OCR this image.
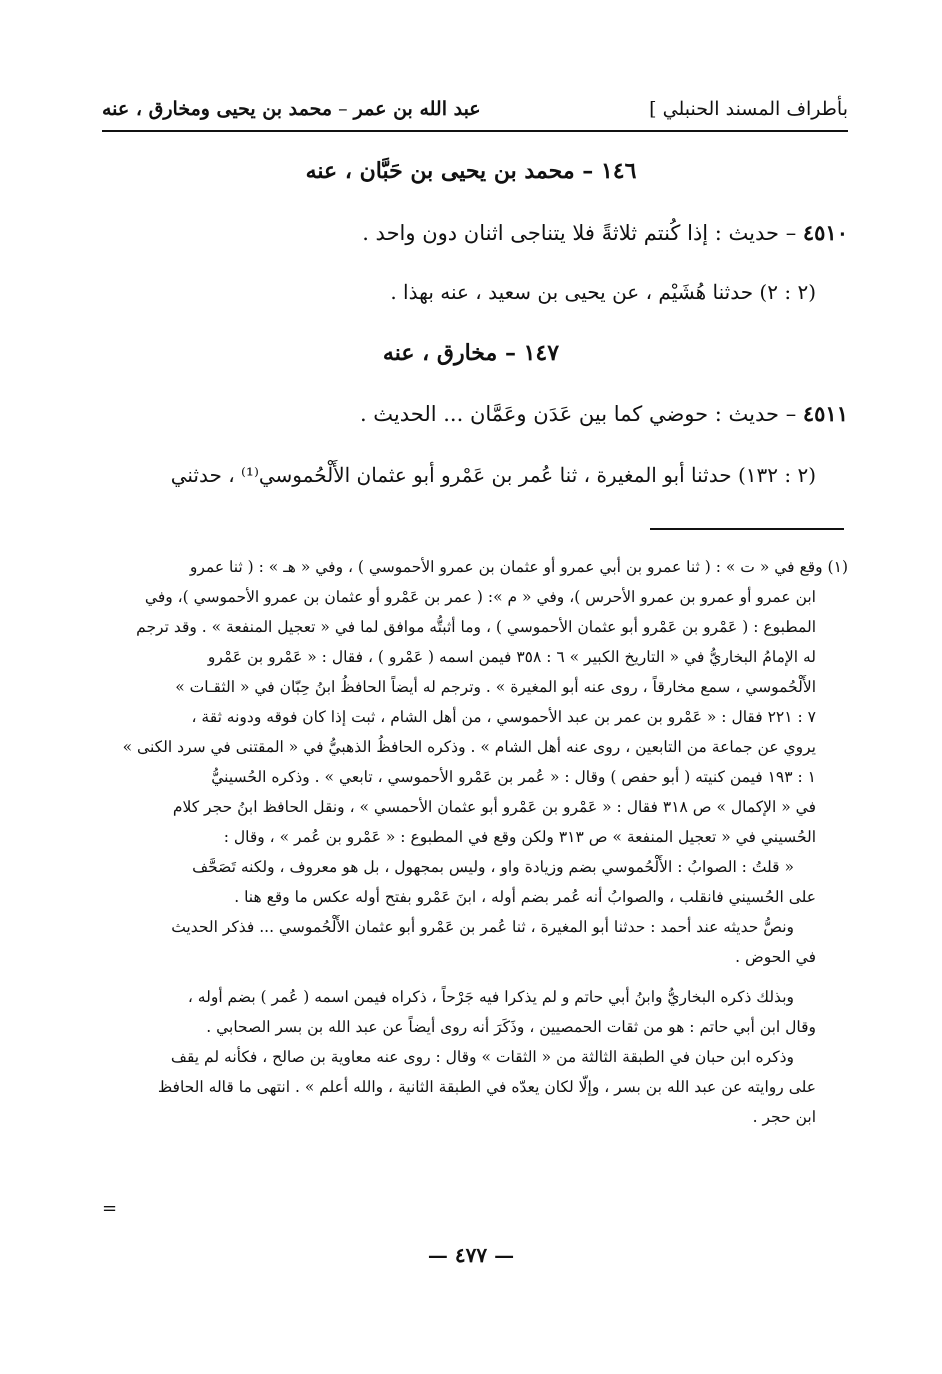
بأطراف المسند الحنبلي ]
عبد الله بن عمر – محمد بن يحيى ومخارق ، عنه
١٤٦ – محمد بن يحيى بن حَبَّان ، عنه
٤٥١٠ – حديث : إذا كُنتم ثلاثةً فلا يتناجى اثنان دون واحد .
(٢ : ٢) حدثنا هُشَيْم ، عن يحيى بن سعيد ، عنه بهذا .
١٤٧ – مخارق ، عنه
٤٥١١ – حديث : حوضي كما بين عَدَن وعَمَّان ... الحديث .
(٢ : ١٣٢) حدثنا أبو المغيرة ، ثنا عُمر بن عَمْرو أبو عثمان الأَلْحُموسي⁽¹⁾ ، حدثني

(١) وقع في « ت » : ( ثنا عمرو بن أبي عمرو أو عثمان بن عمرو الأحموسي ) ، وفي « هـ » : ( ثنا عمرو

ابن عمرو أو عمرو بن عمرو الأحرس )، وفي « م »: ( عمر بن عَمْرو أو عثمان بن عمرو الأحموسي )، وفي

المطبوع : ( عَمْرو بن عَمْرو أبو عثمان الأحموسي ) ، وما أثبتُّه موافق لما في « تعجيل المنفعة » . وقد ترجم

له الإمامُ البخاريُّ في « التاريخ الكبير » ٦ : ٣٥٨ فيمن اسمه ( عَمْرو ) ، فقال : « عَمْرو بن عَمْرو

الأَلْحُموسي ، سمع مخارقاً ، روى عنه أبو المغيرة » . وترجم له أيضاً الحافظُ ابنُ حِبّان في « الثقـات »

٧ : ٢٢١ فقال : « عَمْرو بن عمر بن عبد الأحموسي ، من أهل الشام ، ثبت إذا كان فوقه ودونه ثقة ،

يروي عن جماعة من التابعين ، روى عنه أهل الشام » . وذكره الحافظُ الذهبيُّ في « المقتنى في سرد الكنى »

١ : ١٩٣ فيمن كنيته ( أبو حفص ) وقال : « عُمر بن عَمْرو الأحموسي ، تابعي » . وذكره الحُسينيُّ

في « الإكمال » ص ٣١٨ فقال : « عَمْرو بن عَمْرو أبو عثمان الأحمسي » ، ونقل الحافظ ابنُ حجر كلام

الحُسيني في « تعجيل المنفعة » ص ٣١٣ ولكن وقع في المطبوع : « عَمْرو بن عُمر » ، وقال :

« قلتُ : الصوابُ : الأَلْحُموسي بضم وزيادة واو ، وليس بمجهول ، بل هو معروف ، ولكنه تَصَحَّف

على الحُسيني فانقلب ، والصوابُ أنه عُمر بضم أوله ، ابنَ عَمْرو بفتح أوله عكس ما وقع هنا .

ونصُّ حديثه عند أحمد : حدثنا أبو المغيرة ، ثنا عُمر بن عَمْرو أبو عثمان الأَلْحُموسي ... فذكر الحديث

في الحوض .

وبذلك ذكره البخاريُّ وابنُ أبي حاتم و لم يذكرا فيه جَرْحاً ، ذكراه فيمن اسمه ( عُمر ) بضم أوله ،

وقال ابن أبي حاتم : هو من ثقات الحمصيين ، وذَكَرَ أنه روى أيضاً عن عبد الله بن بسر الصحابي .

وذكره ابن حبان في الطبقة الثالثة من « الثقات » وقال : روى عنه معاوية بن صالح ، فكأنه لم يقف

على روايته عن عبد الله بن بسر ، وإلّا لكان يعدّه في الطبقة الثانية ، والله أعلم » . انتهى ما قاله الحافظ

ابن حجر .

=
— ٤٧٧ —
